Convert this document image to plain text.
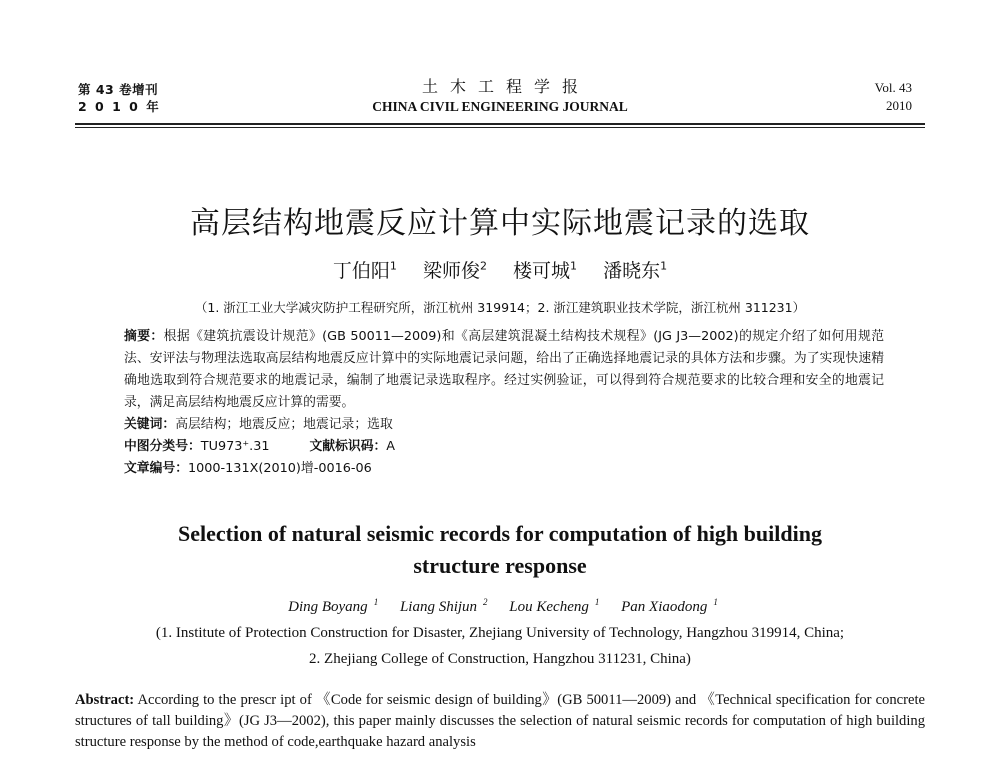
第 43 卷增刊
2 0 1 0 年
土木工程学报
CHINA CIVIL ENGINEERING JOURNAL
Vol. 43
2010
高层结构地震反应计算中实际地震记录的选取
丁伯阳$^1$ 梁师俊$^2$ 楼可城$^1$ 潘晓东$^1$
（1. 浙江工业大学减灾防护工程研究所，浙江杭州 319914；2. 浙江建筑职业技术学院，浙江杭州 311231）

摘要：根据《建筑抗震设计规范》(GB 50011—2009)和《高层建筑混凝土结构技术规程》(JG J3—2002)的规定介绍了如何用规范法、安评法与物理法选取高层结构地震反应计算中的实际地震记录问题，给出了正确选择地震记录的具体方法和步骤。为了实现快速精确地选取到符合规范要求的地震记录，编制了地震记录选取程序。经过实例验证，可以得到符合规范要求的比较合理和安全的地震记录，满足高层结构地震反应计算的需要。

关键词：高层结构；地震反应；地震记录；选取

中图分类号：TU973⁺.31	文献标识码：A

文章编号：1000-131X(2010)增-0016-06

Selection of natural seismic records for computation of high building structure response
Ding Boyang $^1$ Liang Shijun $^2$ Lou Kecheng $^1$ Pan Xiaodong $^1$
(1. Institute of Protection Construction for Disaster, Zhejiang University of Technology, Hangzhou 319914, China;
2. Zhejiang College of Construction, Hangzhou 311231, China)
Abstract: According to the prescr ipt of 《Code for seismic design of building》(GB 50011—2009) and 《Technical specification for concrete structures of tall building》(JG J3—2002), this paper mainly discusses the selection of natural seismic records for computation of high building structure response by the method of code,earthquake hazard analysis
